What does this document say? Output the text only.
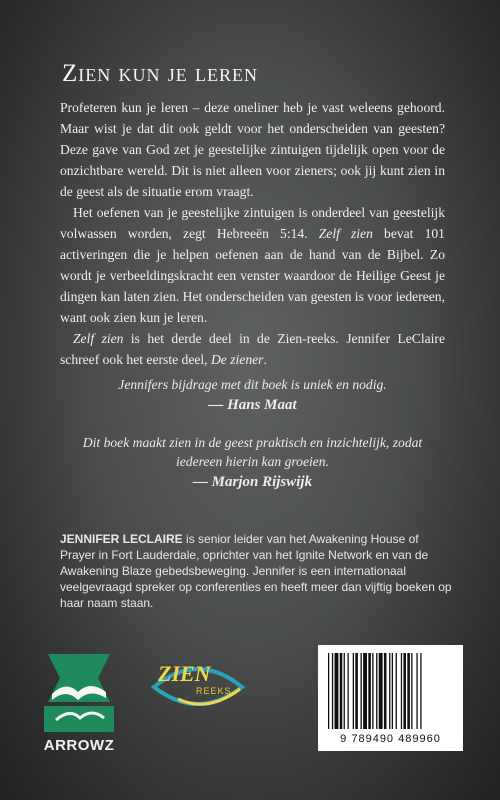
Zien kun je leren

Profeteren kun je leren – deze oneliner heb je vast weleens gehoord. Maar wist je dat dit ook geldt voor het onderscheiden van geesten? Deze gave van God zet je geestelijke zintuigen tijdelijk open voor de onzichtbare wereld. Dit is niet alleen voor zieners; ook jij kunt zien in de geest als de situatie erom vraagt.

Het oefenen van je geestelijke zintuigen is onderdeel van geestelijk volwassen worden, zegt Hebreeën 5:14. Zelf zien bevat 101 activeringen die je helpen oefenen aan de hand van de Bijbel. Zo wordt je verbeeldingskracht een venster waardoor de Heilige Geest je dingen kan laten zien. Het onderscheiden van geesten is voor iedereen, want ook zien kun je leren.

Zelf zien is het derde deel in de Zien-reeks. Jennifer LeClaire schreef ook het eerste deel, De ziener.

Jennifers bijdrage met dit boek is uniek en nodig.
— Hans Maat
Dit boek maakt zien in de geest praktisch en inzichtelijk, zodat iedereen hierin kan groeien.
— Marjon Rijswijk
JENNIFER LECLAIRE is senior leider van het Awakening House of Prayer in Fort Lauderdale, oprichter van het Ignite Network en van de Awakening Blaze gebedsbeweging. Jennifer is een internationaal veelgevraagd spreker op conferenties en heeft meer dan vijftig boeken op haar naam staan.
ARROWZ
ZIEN
REEKS
9 789490 489960
